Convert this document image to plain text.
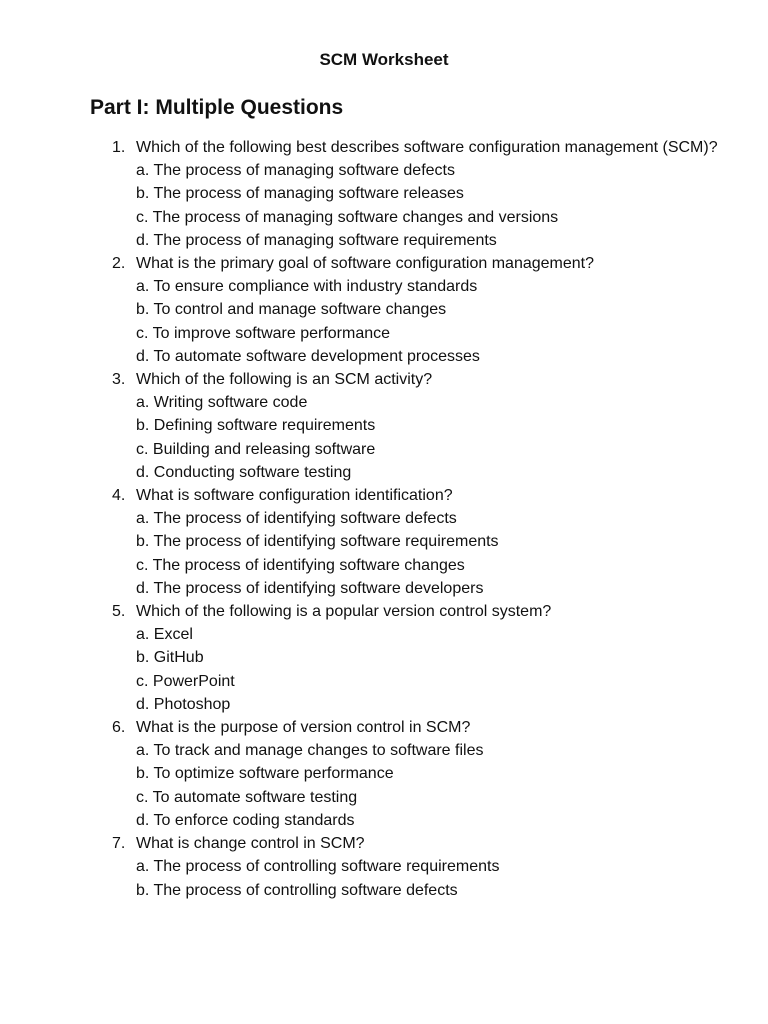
SCM Worksheet
Part I: Multiple Questions
1. Which of the following best describes software configuration management (SCM)?
a. The process of managing software defects
b. The process of managing software releases
c. The process of managing software changes and versions
d. The process of managing software requirements
2. What is the primary goal of software configuration management?
a. To ensure compliance with industry standards
b. To control and manage software changes
c. To improve software performance
d. To automate software development processes
3. Which of the following is an SCM activity?
a. Writing software code
b. Defining software requirements
c. Building and releasing software
d. Conducting software testing
4. What is software configuration identification?
a. The process of identifying software defects
b. The process of identifying software requirements
c. The process of identifying software changes
d. The process of identifying software developers
5. Which of the following is a popular version control system?
a. Excel
b. GitHub
c. PowerPoint
d. Photoshop
6. What is the purpose of version control in SCM?
a. To track and manage changes to software files
b. To optimize software performance
c. To automate software testing
d. To enforce coding standards
7. What is change control in SCM?
a. The process of controlling software requirements
b. The process of controlling software defects
